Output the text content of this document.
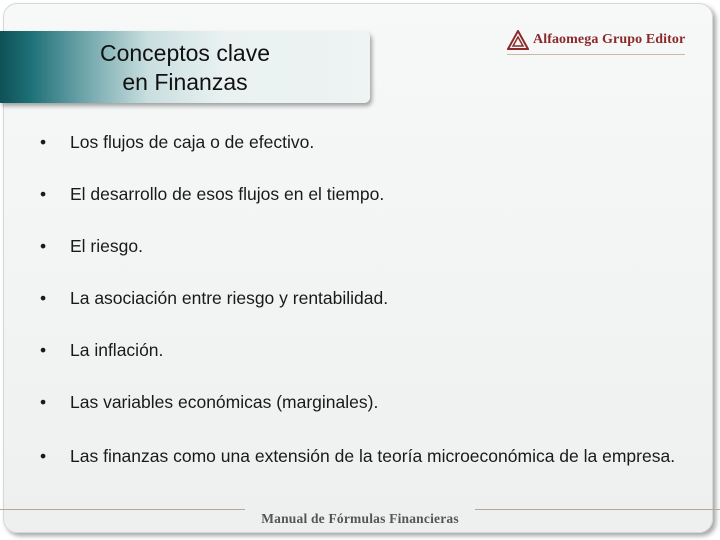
Conceptos clave
en Finanzas
Alfaomega Grupo Editor
•	Los flujos de caja o de efectivo.
•	El desarrollo de esos flujos en el tiempo.
•	El riesgo.
•	La asociación entre riesgo y rentabilidad.
•	La inflación.
•	Las variables económicas (marginales).
•	Las finanzas como una extensión de la teoría microeconómica de la empresa.
Manual de Fórmulas Financieras
